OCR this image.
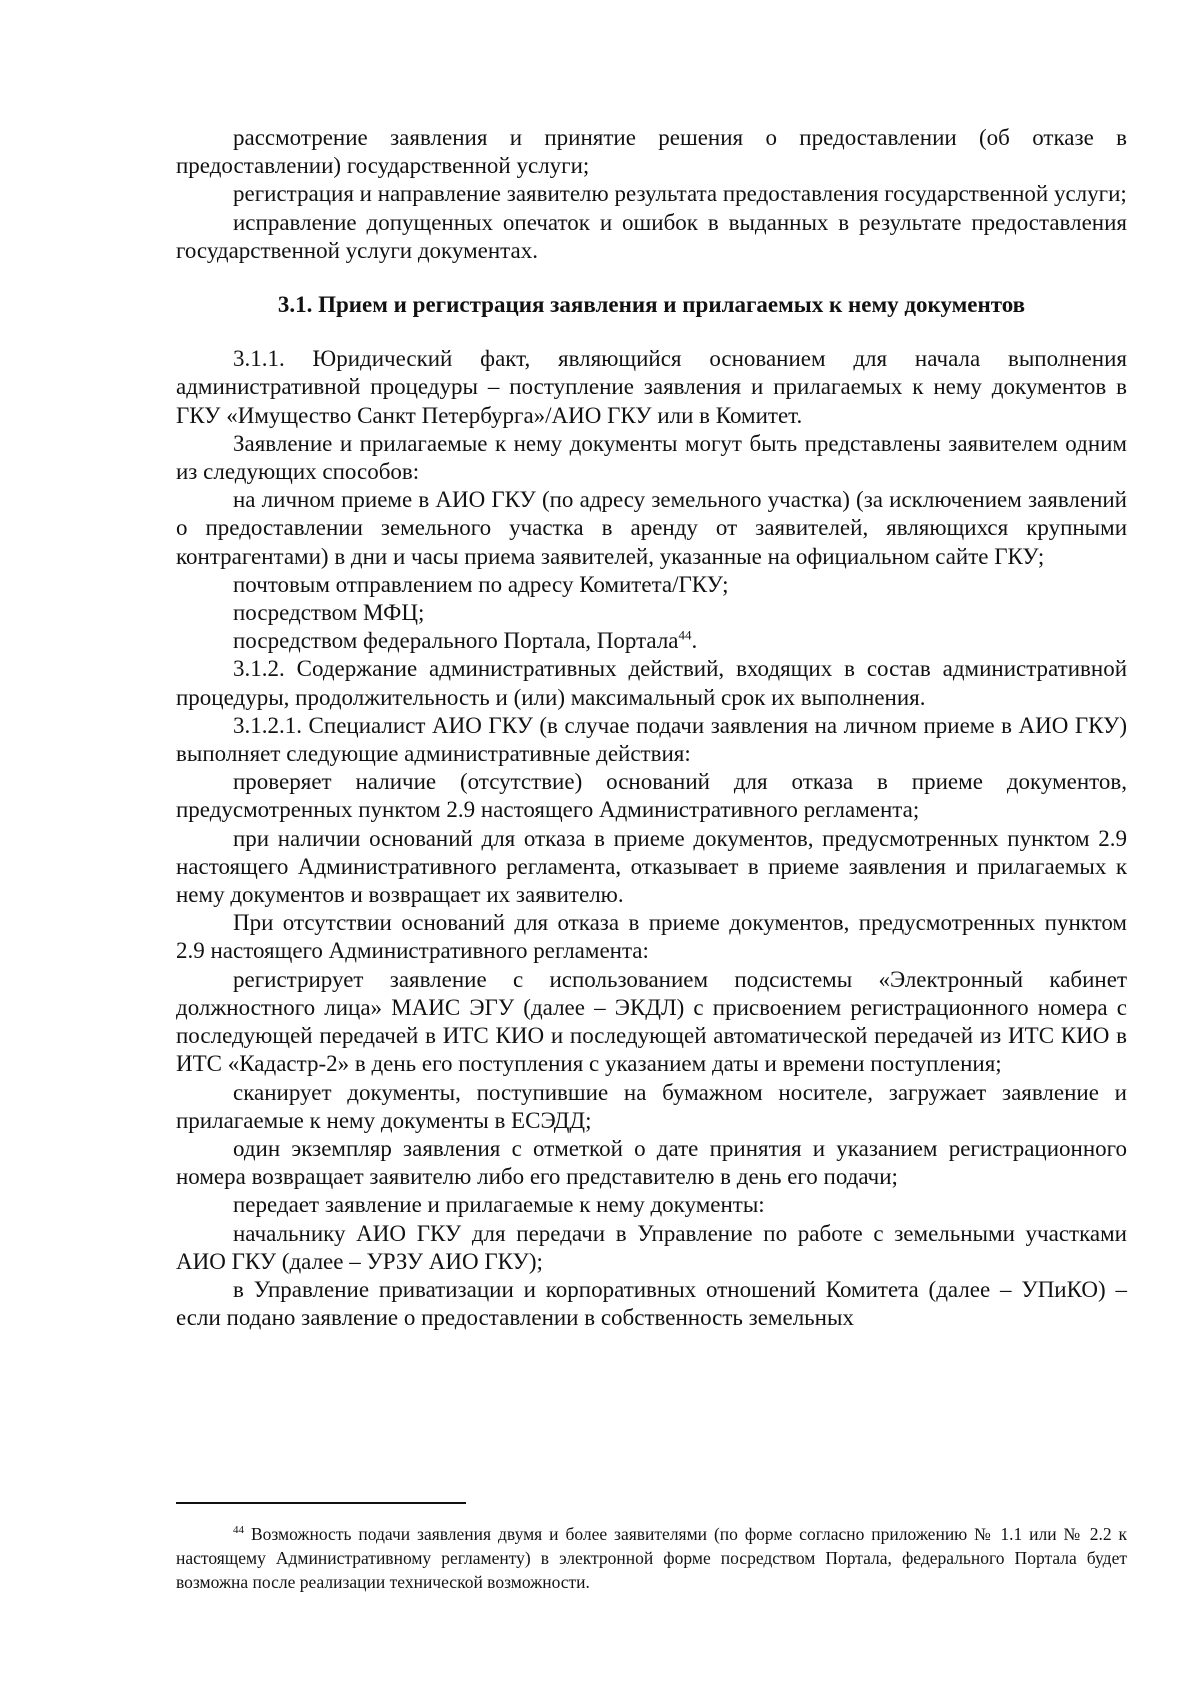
рассмотрение заявления и принятие решения о предоставлении (об отказе в предоставлении) государственной услуги;

регистрация и направление заявителю результата предоставления государственной услуги;

исправление допущенных опечаток и ошибок в выданных в результате предоставления государственной услуги документах.

3.1. Прием и регистрация заявления и прилагаемых к нему документов

3.1.1. Юридический факт, являющийся основанием для начала выполнения административной процедуры – поступление заявления и прилагаемых к нему документов в ГКУ «Имущество Санкт Петербурга»/АИО ГКУ или в Комитет.

Заявление и прилагаемые к нему документы могут быть представлены заявителем одним из следующих способов:

на личном приеме в АИО ГКУ (по адресу земельного участка) (за исключением заявлений о предоставлении земельного участка в аренду от заявителей, являющихся крупными контрагентами) в дни и часы приема заявителей, указанные на официальном сайте ГКУ;

почтовым отправлением по адресу Комитета/ГКУ;

посредством МФЦ;

посредством федерального Портала, Портала$^{44}$.

3.1.2. Содержание административных действий, входящих в состав административной процедуры, продолжительность и (или) максимальный срок их выполнения.

3.1.2.1. Специалист АИО ГКУ (в случае подачи заявления на личном приеме в АИО ГКУ) выполняет следующие административные действия:

проверяет наличие (отсутствие) оснований для отказа в приеме документов, предусмотренных пунктом 2.9 настоящего Административного регламента;

при наличии оснований для отказа в приеме документов, предусмотренных пунктом 2.9 настоящего Административного регламента, отказывает в приеме заявления и прилагаемых к нему документов и возвращает их заявителю.

При отсутствии оснований для отказа в приеме документов, предусмотренных пунктом 2.9 настоящего Административного регламента:

регистрирует заявление с использованием подсистемы «Электронный кабинет должностного лица» МАИС ЭГУ (далее – ЭКДЛ) с присвоением регистрационного номера с последующей передачей в ИТС КИО и последующей автоматической передачей из ИТС КИО в ИТС «Кадастр-2» в день его поступления с указанием даты и времени поступления;

сканирует документы, поступившие на бумажном носителе, загружает заявление и прилагаемые к нему документы в ЕСЭДД;

один экземпляр заявления с отметкой о дате принятия и указанием регистрационного номера возвращает заявителю либо его представителю в день его подачи;

передает заявление и прилагаемые к нему документы:

начальнику АИО ГКУ для передачи в Управление по работе с земельными участками АИО ГКУ (далее – УРЗУ АИО ГКУ);

в Управление приватизации и корпоративных отношений Комитета (далее – УПиКО) – если подано заявление о предоставлении в собственность земельных

$^{44}$ Возможность подачи заявления двумя и более заявителями (по форме согласно приложению № 1.1 или № 2.2 к настоящему Административному регламенту) в электронной форме посредством Портала, федерального Портала будет возможна после реализации технической возможности.
